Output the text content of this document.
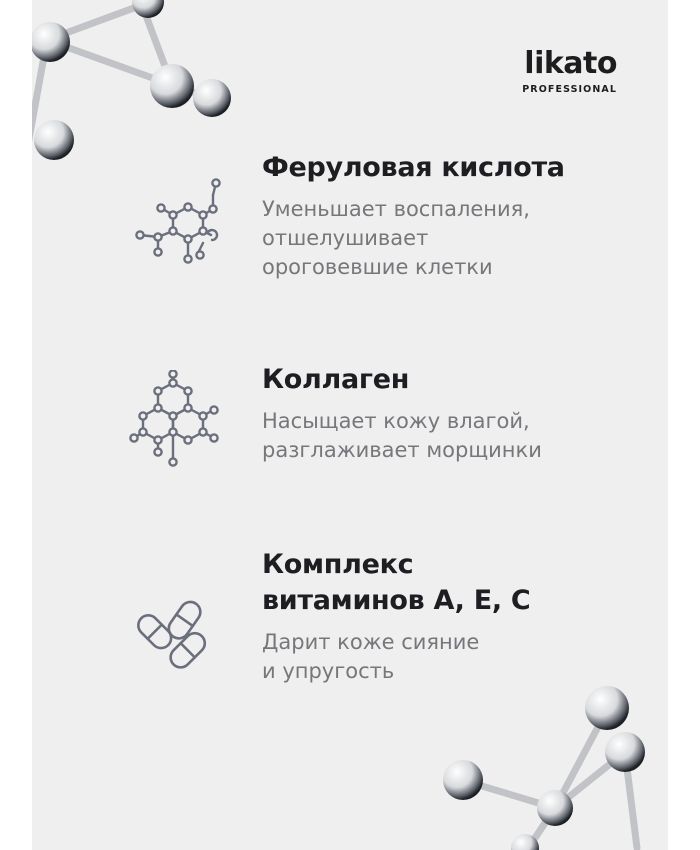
likato
PROFESSIONAL
Феруловая кислота
Уменьшает воспаления,
отшелушивает
ороговевшие клетки
Коллаген
Насыщает кожу влагой,
разглаживает морщинки
Комплекс
витаминов A, E, C
Дарит коже сияние
и упругость
